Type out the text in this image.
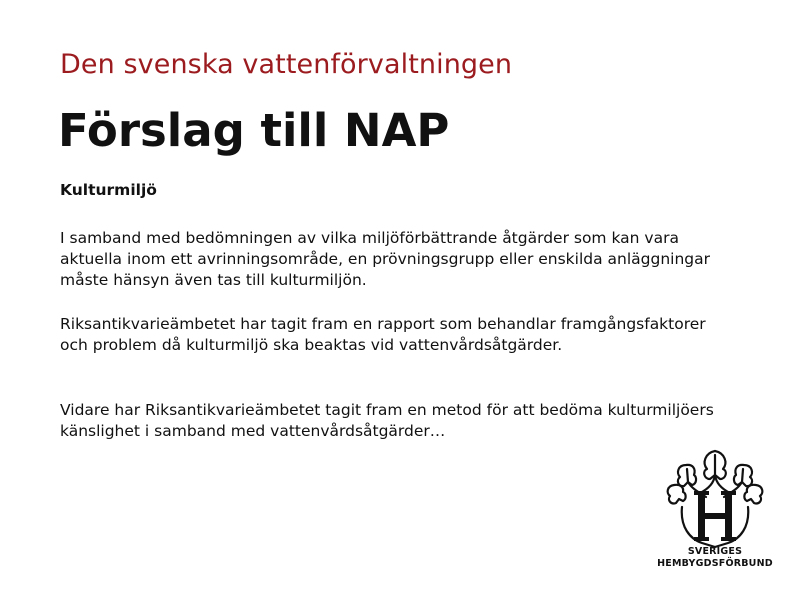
Den svenska vattenförvaltningen
Förslag till NAP
Kulturmiljö
I samband med bedömningen av vilka miljöförbättrande åtgärder som kan vara aktuella inom ett avrinningsområde, en prövningsgrupp eller enskilda anläggningar måste hänsyn även tas till kulturmiljön.
Riksantikvarieämbetet har tagit fram en rapport som behandlar framgångsfaktorer och problem då kulturmiljö ska beaktas vid vattenvårdsåtgärder.
Vidare har Riksantikvarieämbetet tagit fram en metod för att bedöma kulturmiljöers känslighet i samband med vattenvårdsåtgärder…
SVERIGES
HEMBYGDSFÖRBUND
